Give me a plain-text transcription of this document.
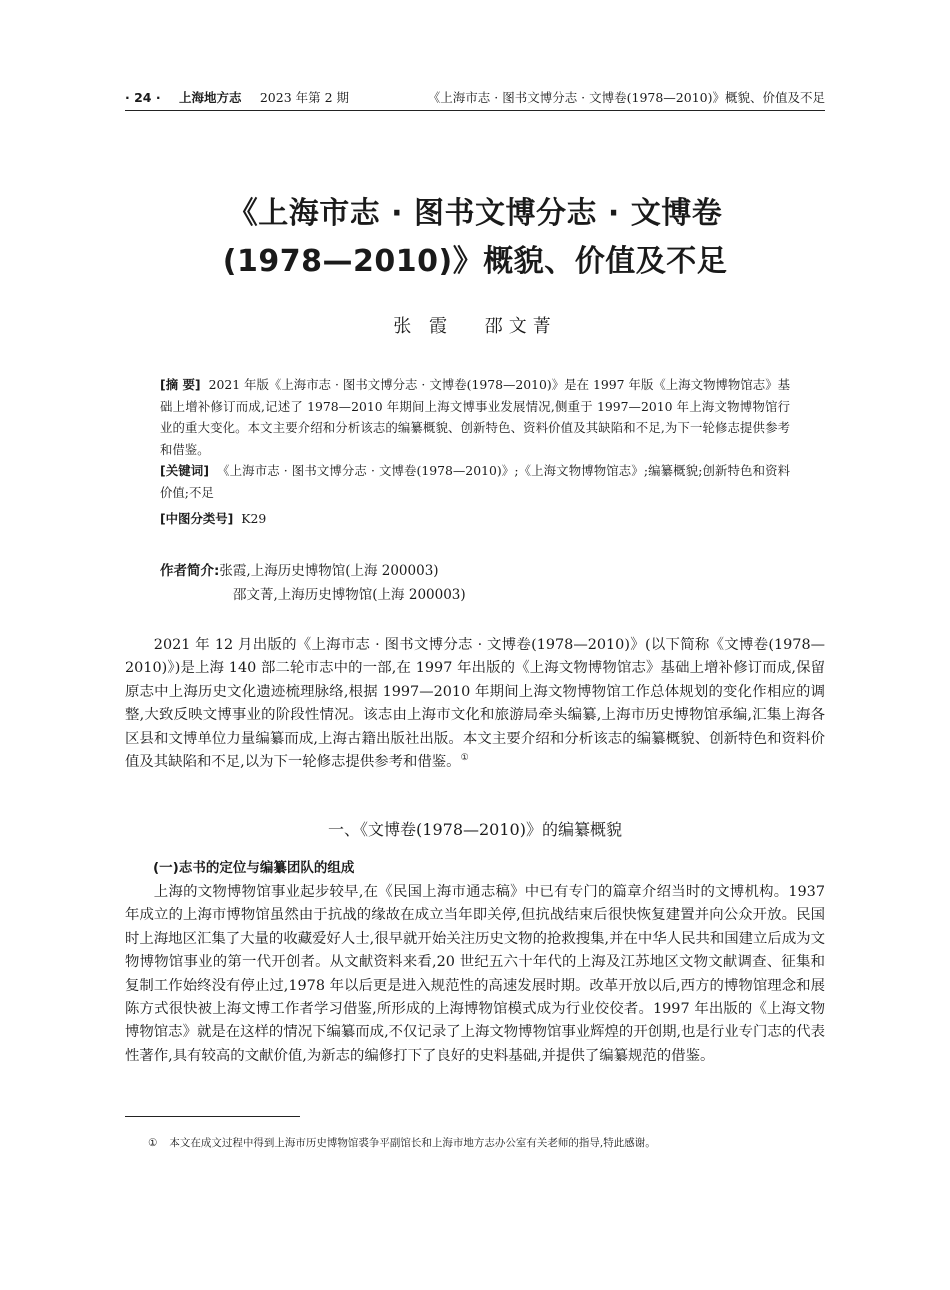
· 24 · 上海地方志 2023 年第 2 期	《上海市志 · 图书文博分志 · 文博卷(1978—2010)》概貌、价值及不足
《上海市志 · 图书文博分志 · 文博卷
(1978—2010)》概貌、价值及不足
张 霞 邵文菁
[摘 要] 2021 年版《上海市志 · 图书文博分志 · 文博卷(1978—2010)》是在 1997 年版《上海文物博物馆志》基础上增补修订而成,记述了 1978—2010 年期间上海文博事业发展情况,侧重于 1997—2010 年上海文物博物馆行业的重大变化。本文主要介绍和分析该志的编纂概貌、创新特色、资料价值及其缺陷和不足,为下一轮修志提供参考和借鉴。
[关键词] 《上海市志 · 图书文博分志 · 文博卷(1978—2010)》;《上海文物博物馆志》;编纂概貌;创新特色和资料价值;不足
[中图分类号] K29
作者简介:张霞,上海历史博物馆(上海 200003)
邵文菁,上海历史博物馆(上海 200003)
2021 年 12 月出版的《上海市志 · 图书文博分志 · 文博卷(1978—2010)》(以下简称《文博卷(1978—2010)》)是上海 140 部二轮市志中的一部,在 1997 年出版的《上海文物博物馆志》基础上增补修订而成,保留原志中上海历史文化遗迹梳理脉络,根据 1997—2010 年期间上海文物博物馆工作总体规划的变化作相应的调整,大致反映文博事业的阶段性情况。该志由上海市文化和旅游局牵头编纂,上海市历史博物馆承编,汇集上海各区县和文博单位力量编纂而成,上海古籍出版社出版。本文主要介绍和分析该志的编纂概貌、创新特色和资料价值及其缺陷和不足,以为下一轮修志提供参考和借鉴。①
一、《文博卷(1978—2010)》的编纂概貌
(一)志书的定位与编纂团队的组成
上海的文物博物馆事业起步较早,在《民国上海市通志稿》中已有专门的篇章介绍当时的文博机构。1937 年成立的上海市博物馆虽然由于抗战的缘故在成立当年即关停,但抗战结束后很快恢复建置并向公众开放。民国时上海地区汇集了大量的收藏爱好人士,很早就开始关注历史文物的抢救搜集,并在中华人民共和国建立后成为文物博物馆事业的第一代开创者。从文献资料来看,20 世纪五六十年代的上海及江苏地区文物文献调查、征集和复制工作始终没有停止过,1978 年以后更是进入规范性的高速发展时期。改革开放以后,西方的博物馆理念和展陈方式很快被上海文博工作者学习借鉴,所形成的上海博物馆模式成为行业佼佼者。1997 年出版的《上海文物博物馆志》就是在这样的情况下编纂而成,不仅记录了上海文物博物馆事业辉煌的开创期,也是行业专门志的代表性著作,具有较高的文献价值,为新志的编修打下了良好的史料基础,并提供了编纂规范的借鉴。
① 本文在成文过程中得到上海市历史博物馆裘争平副馆长和上海市地方志办公室有关老师的指导,特此感谢。
